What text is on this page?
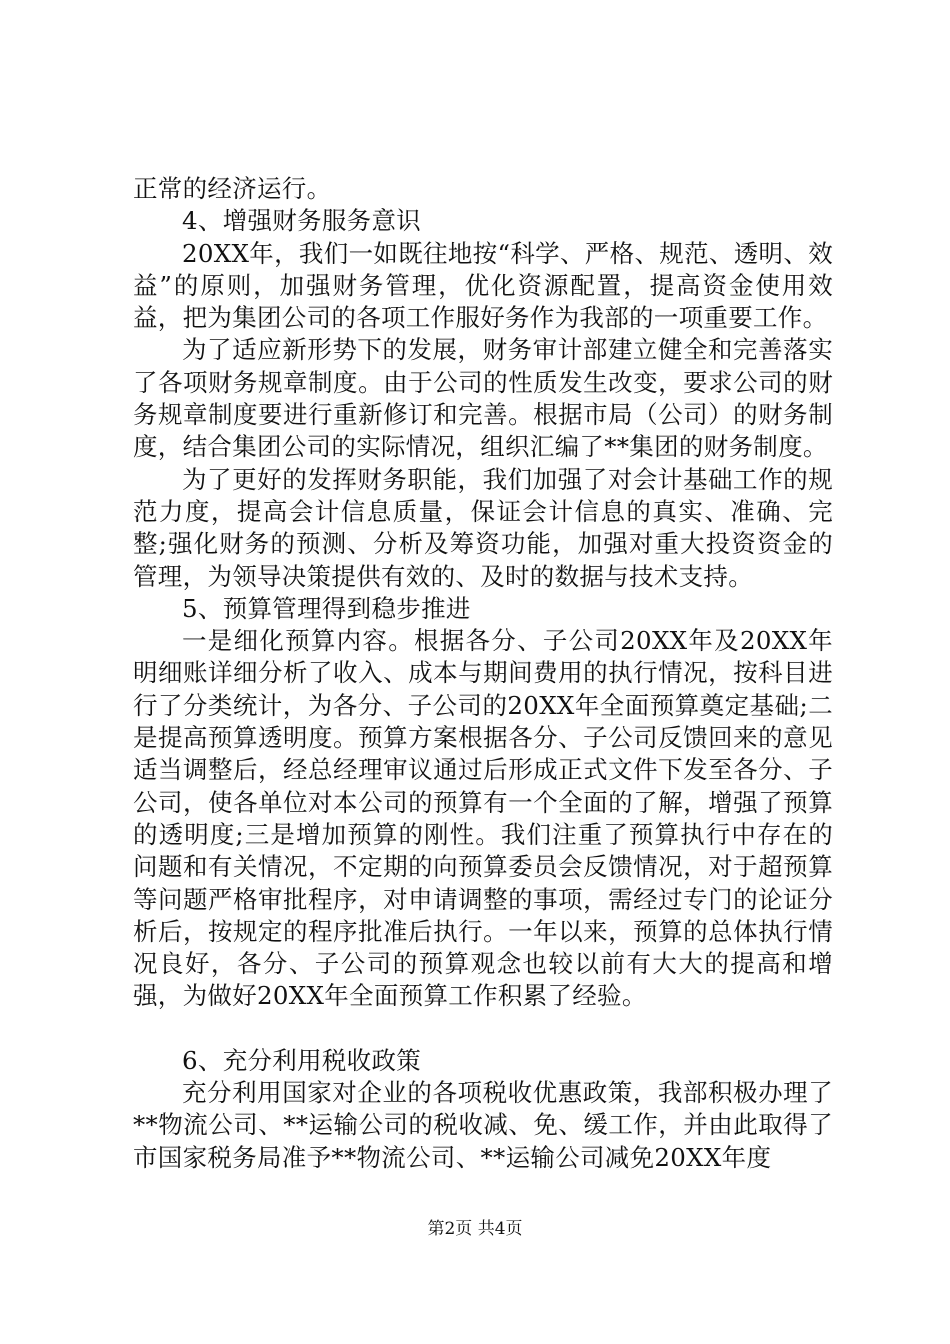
正常的经济运行。

4、增强财务服务意识

20XX年，我们一如既往地按“科学、严格、规范、透明、效益”的原则，加强财务管理，优化资源配置，提高资金使用效益，把为集团公司的各项工作服好务作为我部的一项重要工作。

为了适应新形势下的发展，财务审计部建立健全和完善落实了各项财务规章制度。由于公司的性质发生改变，要求公司的财务规章制度要进行重新修订和完善。根据市局（公司）的财务制度，结合集团公司的实际情况，组织汇编了**集团的财务制度。

为了更好的发挥财务职能，我们加强了对会计基础工作的规范力度，提高会计信息质量，保证会计信息的真实、准确、完整;强化财务的预测、分析及筹资功能，加强对重大投资资金的管理，为领导决策提供有效的、及时的数据与技术支持。

5、预算管理得到稳步推进

一是细化预算内容。根据各分、子公司20XX年及20XX年明细账详细分析了收入、成本与期间费用的执行情况，按科目进行了分类统计，为各分、子公司的20XX年全面预算奠定基础;二是提高预算透明度。预算方案根据各分、子公司反馈回来的意见适当调整后，经总经理审议通过后形成正式文件下发至各分、子公司，使各单位对本公司的预算有一个全面的了解，增强了预算的透明度;三是增加预算的刚性。我们注重了预算执行中存在的问题和有关情况，不定期的向预算委员会反馈情况，对于超预算等问题严格审批程序，对申请调整的事项，需经过专门的论证分析后，按规定的程序批准后执行。一年以来，预算的总体执行情况良好，各分、子公司的预算观念也较以前有大大的提高和增强，为做好20XX年全面预算工作积累了经验。

6、充分利用税收政策

充分利用国家对企业的各项税收优惠政策，我部积极办理了**物流公司、**运输公司的税收减、免、缓工作，并由此取得了市国家税务局准予**物流公司、**运输公司减免20XX年度

第2页 共4页
